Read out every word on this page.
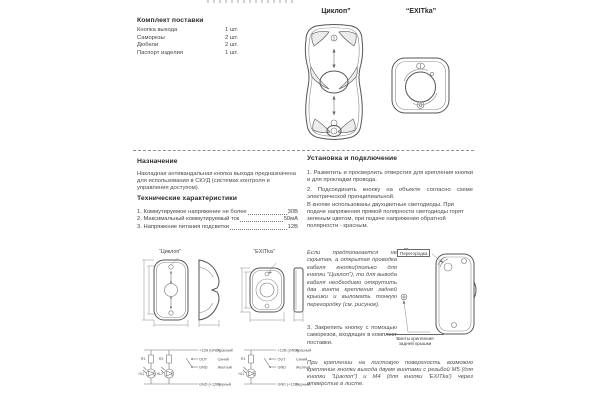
Комплект поставки
Кнопка выхода	1 шт.
Саморезы	2 шт.
Дюбели	2 шт.
Паспорт изделия	1 шт.
Циклоп”	“EXITka”
Назначение
Накладная антивандальная кнопка выхода предназначена для использования в СКУД (системах контроля и управления доступом).
Технические характеристики
1. Коммутируемое напряжение не более	30В
2. Максимальный коммутируемый ток	50мА
3. Напряжение питания подсветки	12В
“Циклоп”	“EXITka”
R1	R2
HL1	HL2
+12В (GND)
Красный
OUT	Синий
GND	Желтый
GND (+12В)
Черный
R1
HL1
+12В (GND)
Красный
OUT	Синий
GND	Желтый
GND (+12В)
Черный
Установка и подключение
1. Разметить и просверлить отверстия для крепления кнопки и для прокладки провода.
2. Подсоединить кнопку на объекте согласно схеме электрической принципиальной.
В кнопке использованы двухцветные светодиоды. При подаче напряжения прямой полярности светодиоды горят зеленым цветом, при подаче напряжения обратной полярности - красным.
Если предполагается не скрытая, а открытая проводка кабеля кнопки(только для кнопки "Циклоп"), то для вывода кабеля необходимо открутить два винта крепления задней крышки и выломать тонкую перегородку (см. рисунок).
3. Закрепить кнопку с помощью саморезов, входящих в комплект поставки.
При креплении на листовую поверхность возможно крепление кнопки выхода двумя винтами с резьбой М5 (для кнопки "Циклоп") и М4 (для кнопки 'EXITka') через отверстие в листе.
Перегородка
Винты крепления
задней крышки
